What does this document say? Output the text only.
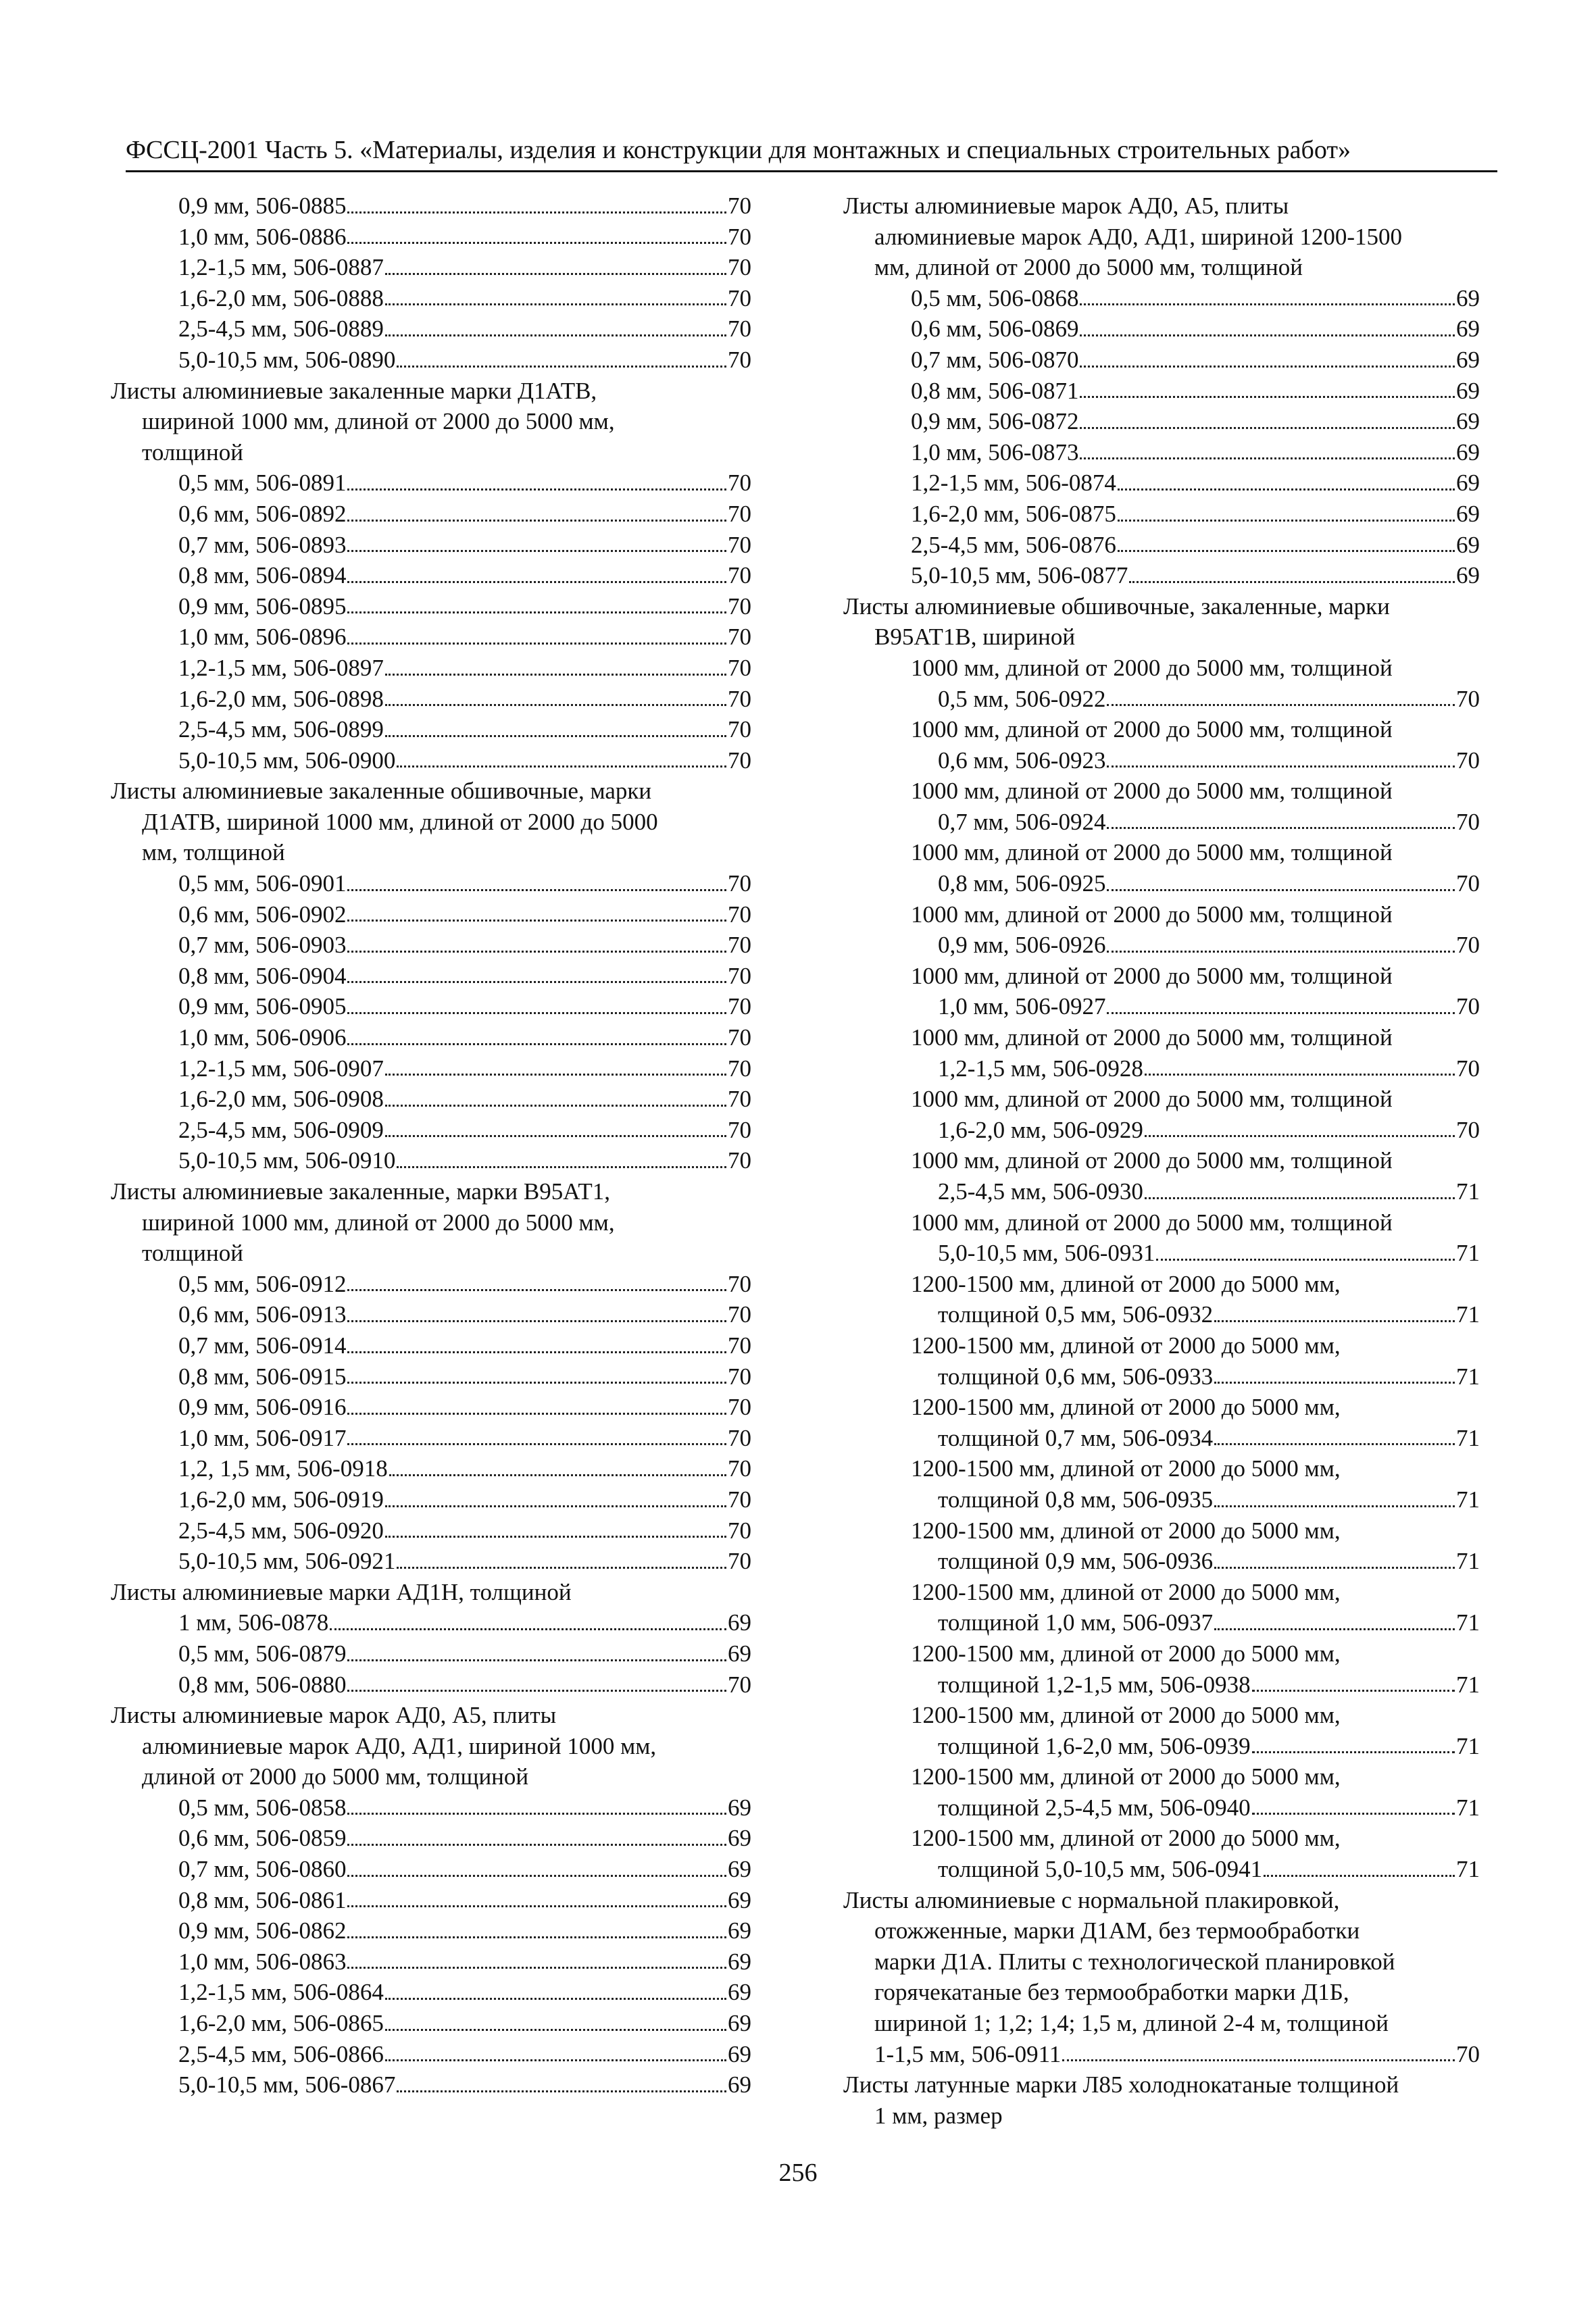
ФССЦ-2001 Часть 5. «Материалы, изделия и конструкции для монтажных и специальных строительных работ»
0,9 мм, 506-0885	70
1,0 мм, 506-0886	70
1,2-1,5 мм, 506-0887	70
1,6-2,0 мм, 506-0888	70
2,5-4,5 мм, 506-0889	70
5,0-10,5 мм, 506-0890	70
Листы алюминиевые закаленные марки Д1АТВ,
шириной 1000 мм, длиной от 2000 до 5000 мм,
толщиной
0,5 мм, 506-0891	70
0,6 мм, 506-0892	70
0,7 мм, 506-0893	70
0,8 мм, 506-0894	70
0,9 мм, 506-0895	70
1,0 мм, 506-0896	70
1,2-1,5 мм, 506-0897	70
1,6-2,0 мм, 506-0898	70
2,5-4,5 мм, 506-0899	70
5,0-10,5 мм, 506-0900	70
Листы алюминиевые закаленные обшивочные, марки
Д1АТВ, шириной 1000 мм, длиной от 2000 до 5000
мм, толщиной
0,5 мм, 506-0901	70
0,6 мм, 506-0902	70
0,7 мм, 506-0903	70
0,8 мм, 506-0904	70
0,9 мм, 506-0905	70
1,0 мм, 506-0906	70
1,2-1,5 мм, 506-0907	70
1,6-2,0 мм, 506-0908	70
2,5-4,5 мм, 506-0909	70
5,0-10,5 мм, 506-0910	70
Листы алюминиевые закаленные, марки В95АТ1,
шириной 1000 мм, длиной от 2000 до 5000 мм,
толщиной
0,5 мм, 506-0912	70
0,6 мм, 506-0913	70
0,7 мм, 506-0914	70
0,8 мм, 506-0915	70
0,9 мм, 506-0916	70
1,0 мм, 506-0917	70
1,2, 1,5 мм, 506-0918	70
1,6-2,0 мм, 506-0919	70
2,5-4,5 мм, 506-0920	70
5,0-10,5 мм, 506-0921	70
Листы алюминиевые марки АД1Н, толщиной
1 мм, 506-0878	69
0,5 мм, 506-0879	69
0,8 мм, 506-0880	70
Листы алюминиевые марок АД0, А5, плиты
алюминиевые марок АД0, АД1, шириной 1000 мм,
длиной от 2000 до 5000 мм, толщиной
0,5 мм, 506-0858	69
0,6 мм, 506-0859	69
0,7 мм, 506-0860	69
0,8 мм, 506-0861	69
0,9 мм, 506-0862	69
1,0 мм, 506-0863	69
1,2-1,5 мм, 506-0864	69
1,6-2,0 мм, 506-0865	69
2,5-4,5 мм, 506-0866	69
5,0-10,5 мм, 506-0867	69
Листы алюминиевые марок АД0, А5, плиты
алюминиевые марок АД0, АД1, шириной 1200-1500
мм, длиной от 2000 до 5000 мм, толщиной
0,5 мм, 506-0868	69
0,6 мм, 506-0869	69
0,7 мм, 506-0870	69
0,8 мм, 506-0871	69
0,9 мм, 506-0872	69
1,0 мм, 506-0873	69
1,2-1,5 мм, 506-0874	69
1,6-2,0 мм, 506-0875	69
2,5-4,5 мм, 506-0876	69
5,0-10,5 мм, 506-0877	69
Листы алюминиевые обшивочные, закаленные, марки
В95АТ1В, шириной
1000 мм, длиной от 2000 до 5000 мм, толщиной
0,5 мм, 506-0922	70
1000 мм, длиной от 2000 до 5000 мм, толщиной
0,6 мм, 506-0923	70
1000 мм, длиной от 2000 до 5000 мм, толщиной
0,7 мм, 506-0924	70
1000 мм, длиной от 2000 до 5000 мм, толщиной
0,8 мм, 506-0925	70
1000 мм, длиной от 2000 до 5000 мм, толщиной
0,9 мм, 506-0926	70
1000 мм, длиной от 2000 до 5000 мм, толщиной
1,0 мм, 506-0927	70
1000 мм, длиной от 2000 до 5000 мм, толщиной
1,2-1,5 мм, 506-0928	70
1000 мм, длиной от 2000 до 5000 мм, толщиной
1,6-2,0 мм, 506-0929	70
1000 мм, длиной от 2000 до 5000 мм, толщиной
2,5-4,5 мм, 506-0930	71
1000 мм, длиной от 2000 до 5000 мм, толщиной
5,0-10,5 мм, 506-0931	71
1200-1500 мм, длиной от 2000 до 5000 мм,
толщиной 0,5 мм, 506-0932	71
1200-1500 мм, длиной от 2000 до 5000 мм,
толщиной 0,6 мм, 506-0933	71
1200-1500 мм, длиной от 2000 до 5000 мм,
толщиной 0,7 мм, 506-0934	71
1200-1500 мм, длиной от 2000 до 5000 мм,
толщиной 0,8 мм, 506-0935	71
1200-1500 мм, длиной от 2000 до 5000 мм,
толщиной 0,9 мм, 506-0936	71
1200-1500 мм, длиной от 2000 до 5000 мм,
толщиной 1,0 мм, 506-0937	71
1200-1500 мм, длиной от 2000 до 5000 мм,
толщиной 1,2-1,5 мм, 506-0938	71
1200-1500 мм, длиной от 2000 до 5000 мм,
толщиной 1,6-2,0 мм, 506-0939	71
1200-1500 мм, длиной от 2000 до 5000 мм,
толщиной 2,5-4,5 мм, 506-0940	71
1200-1500 мм, длиной от 2000 до 5000 мм,
толщиной 5,0-10,5 мм, 506-0941	71
Листы алюминиевые с нормальной плакировкой,
отожженные, марки Д1АМ, без термообработки
марки Д1А. Плиты с технологической планировкой
горячекатаные без термообработки марки Д1Б,
шириной 1; 1,2; 1,4; 1,5 м, длиной 2-4 м, толщиной
1-1,5 мм, 506-0911	70
Листы латунные марки Л85 холоднокатаные толщиной
1 мм, размер
256
